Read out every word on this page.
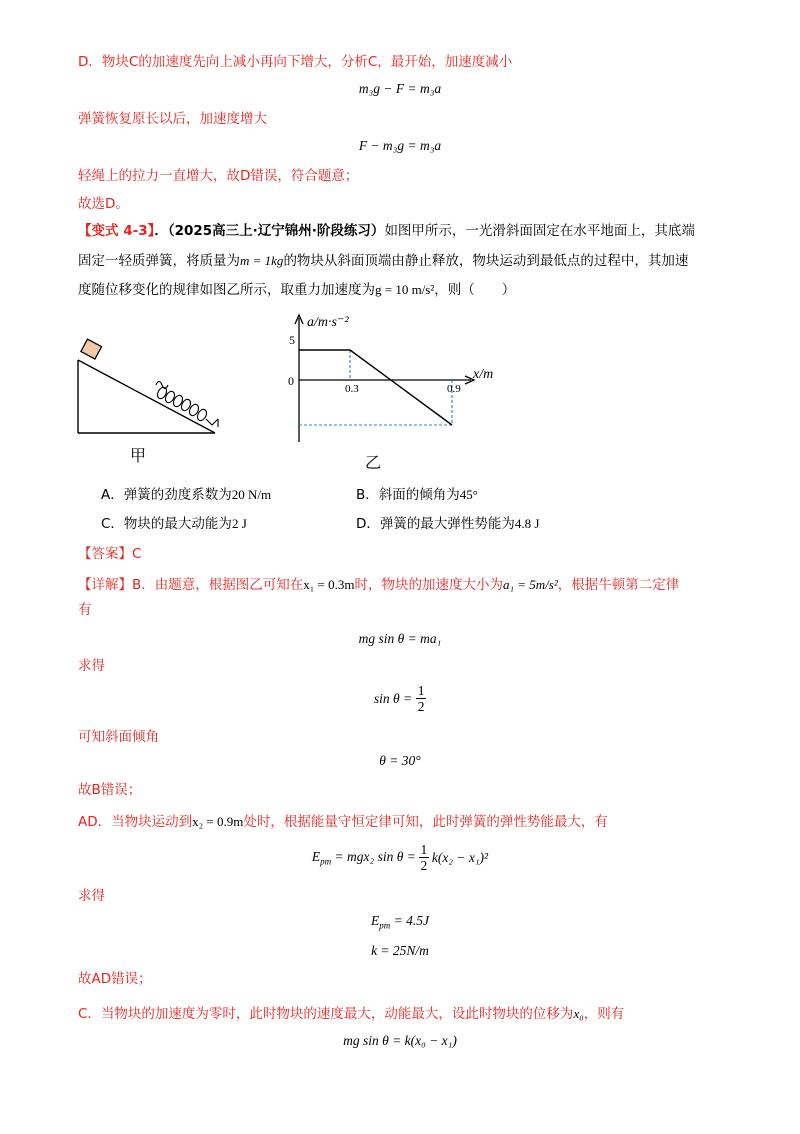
D．物块C的加速度先向上减小再向下增大，分析C，最开始，加速度减小
m₃g − F = m₃a
弹簧恢复原长以后，加速度增大
F − m₃g = m₃a
轻绳上的拉力一直增大，故D错误，符合题意；
故选D。
【变式 4-3】．（2025高三上·辽宁锦州·阶段练习）如图甲所示，一光滑斜面固定在水平地面上，其底端
固定一轻质弹簧，将质量为m = 1kg的物块从斜面顶端由静止释放，物块运动到最低点的过程中，其加速
度随位移变化的规律如图乙所示，取重力加速度为g = 10 m/s²，则（　　）
甲
a/m·s⁻²
x/m
5
0
0.3	0.9
乙
A．弹簧的劲度系数为20 N/m	B．斜面的倾角为45°
C．物块的最大动能为2 J	D．弹簧的最大弹性势能为4.8 J
【答案】C
【详解】B．由题意，根据图乙可知在x₁ = 0.3m时，物块的加速度大小为a₁ = 5m/s²，根据牛顿第二定律
有
mg sin θ = ma₁
求得
sin θ = 1
2
可知斜面倾角
θ = 30°
故B错误；
AD．当物块运动到x₂ = 0.9m处时，根据能量守恒定律可知，此时弹簧的弹性势能最大，有
$E_{pm} = mgx_2$ sin θ = 1
2
k(x₂ − x₁)²
求得
$E_{pm} = 4.5J$
k = 25N/m
故AD错误；
C．当物块的加速度为零时，此时物块的速度最大，动能最大，设此时物块的位移为x₀，则有
mg sin θ = k(x₀ − x₁)
